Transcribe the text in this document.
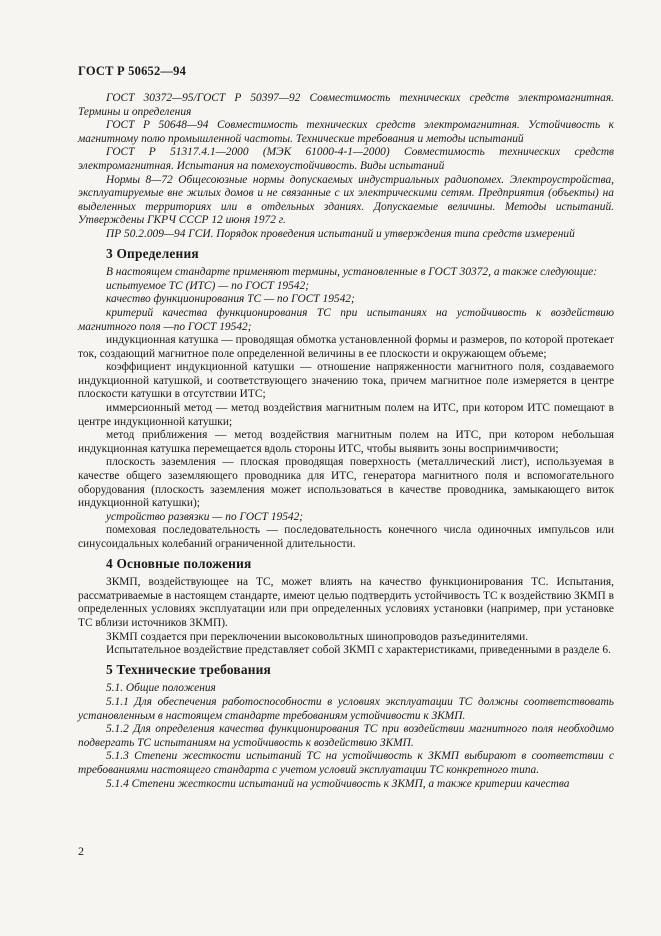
ГОСТ Р 50652—94

ГОСТ 30372—95/ГОСТ Р 50397—92 Совместимость технических средств электромагнитная. Термины и определения

ГОСТ Р 50648—94 Совместимость технических средств электромагнитная. Устойчивость к магнитному полю промышленной частоты. Технические требования и методы испытаний

ГОСТ Р 51317.4.1—2000 (МЭК 61000-4-1—2000) Совместимость технических средств электромагнитная. Испытания на помехоустойчивость. Виды испытаний

Нормы 8—72 Общесоюзные нормы допускаемых индустриальных радиопомех. Электроустройства, эксплуатируемые вне жилых домов и не связанные с их электрическими сетям. Предприятия (объекты) на выделенных территориях или в отдельных зданиях. Допускаемые величины. Методы испытаний. Утверждены ГКРЧ СССР 12 июня 1972 г.

ПР 50.2.009—94 ГСИ. Порядок проведения испытаний и утверждения типа средств измерений

3 Определения

В настоящем стандарте применяют термины, установленные в ГОСТ 30372, а также следующие:

испытуемое ТС (ИТС) — по ГОСТ 19542;

качество функционирования ТС — по ГОСТ 19542;

критерий качества функционирования ТС при испытаниях на устойчивость к воздействию магнитного поля —по ГОСТ 19542;

индукционная катушка — проводящая обмотка установленной формы и размеров, по которой протекает ток, создающий магнитное поле определенной величины в ее плоскости и окружающем объеме;

коэффициент индукционной катушки — отношение напряженности магнитного поля, создаваемого индукционной катушкой, и соответствующего значению тока, причем магнитное поле измеряется в центре плоскости катушки в отсутствии ИТС;

иммерсионный метод — метод воздействия магнитным полем на ИТС, при котором ИТС помещают в центре индукционной катушки;

метод приближения — метод воздействия магнитным полем на ИТС, при котором небольшая индукционная катушка перемещается вдоль стороны ИТС, чтобы выявить зоны восприимчивости;

плоскость заземления — плоская проводящая поверхность (металлический лист), используемая в качестве общего заземляющего проводника для ИТС, генератора магнитного поля и вспомогательного оборудования (плоскость заземления может использоваться в качестве проводника, замыкающего виток индукционной катушки);

устройство развязки — по ГОСТ 19542;

помеховая последовательность — последовательность конечного числа одиночных импульсов или синусоидальных колебаний ограниченной длительности.

4 Основные положения

ЗКМП, воздействующее на ТС, может влиять на качество функционирования ТС. Испытания, рассматриваемые в настоящем стандарте, имеют целью подтвердить устойчивость ТС к воздействию ЗКМП в определенных условиях эксплуатации или при определенных условиях установки (например, при установке ТС вблизи источников ЗКМП).

ЗКМП создается при переключении высоковольтных шинопроводов разъединителями.

Испытательное воздействие представляет собой ЗКМП с характеристиками, приведенными в разделе 6.

5 Технические требования

5.1. Общие положения

5.1.1 Для обеспечения работоспособности в условиях эксплуатации ТС должны соответствовать установленным в настоящем стандарте требованиям устойчивости к ЗКМП.

5.1.2 Для определения качества функционирования ТС при воздействии магнитного поля необходимо подвергать ТС испытаниям на устойчивость к воздействию ЗКМП.

5.1.3 Степени жесткости испытаний ТС на устойчивость к ЗКМП выбирают в соответствии с требованиями настоящего стандарта с учетом условий эксплуатации ТС конкретного типа.

5.1.4 Степени жесткости испытаний на устойчивость к ЗКМП, а также критерии качества

2
